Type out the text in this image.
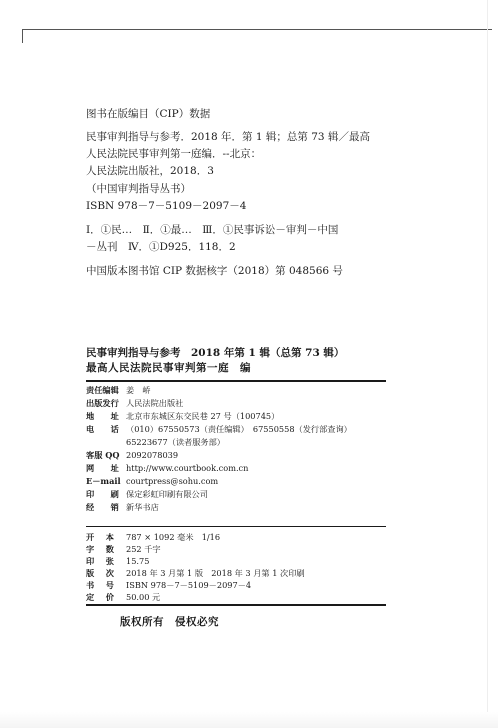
图书在版编目（CIP）数据
民事审判指导与参考．2018 年．第 1 辑；总第 73 辑／最高
人民法院民事审判第一庭编．--北京：
人民法院出版社，2018．3
（中国审判指导丛书）
ISBN 978－7－5109－2097－4
Ⅰ．①民…　Ⅱ．①最…　Ⅲ．①民事诉讼－审判－中国
－丛刊　Ⅳ．①D925．118．2
中国版本图书馆 CIP 数据核字（2018）第 048566 号
民事审判指导与参考　2018 年第 1 辑（总第 73 辑）
最高人民法院民事审判第一庭　编
责任编辑 姜　峤
出版发行 人民法院出版社
地　　址 北京市东城区东交民巷 27 号（100745）
电　　话 （010）67550573（责任编辑）　67550558（发行部查询）
65223677（读者服务部）
客服 QQ 2092078039
网　　址 http://www.courtbook.com.cn
E－mail courtpress@sohu.com
印　　刷 保定彩虹印刷有限公司
经　　销 新华书店
开　本 787 × 1092 毫米　1/16
字　数 252 千字
印　张 15.75
版　次 2018 年 3 月第 1 版　2018 年 3 月第 1 次印刷
书　号 ISBN 978－7－5109－2097－4
定　价 50.00 元
版权所有　侵权必究
